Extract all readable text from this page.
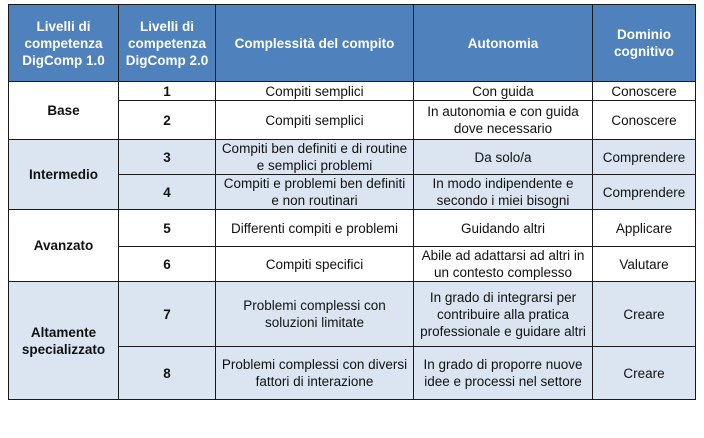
Livelli di competenza DigComp 1.0	Livelli di competenza DigComp 2.0	Complessità del compito	Autonomia	Dominio cognitivo
Base	1	Compiti semplici	Con guida	Conoscere
	2	Compiti semplici	In autonomia e con guida dove necessario	Conoscere
Intermedio	3	Compiti ben definiti e di routine e semplici problemi	Da solo/a	Comprendere
	4	Compiti e problemi ben definiti e non routinari	In modo indipendente e secondo i miei bisogni	Comprendere
Avanzato	5	Differenti compiti e problemi	Guidando altri	Applicare
	6	Compiti specifici	Abile ad adattarsi ad altri in un contesto complesso	Valutare
Altamente specializzato	7	Problemi complessi con soluzioni limitate	In grado di integrarsi per contribuire alla pratica professionale e guidare altri	Creare
	8	Problemi complessi con diversi fattori di interazione	In grado di proporre nuove idee e processi nel settore	Creare
